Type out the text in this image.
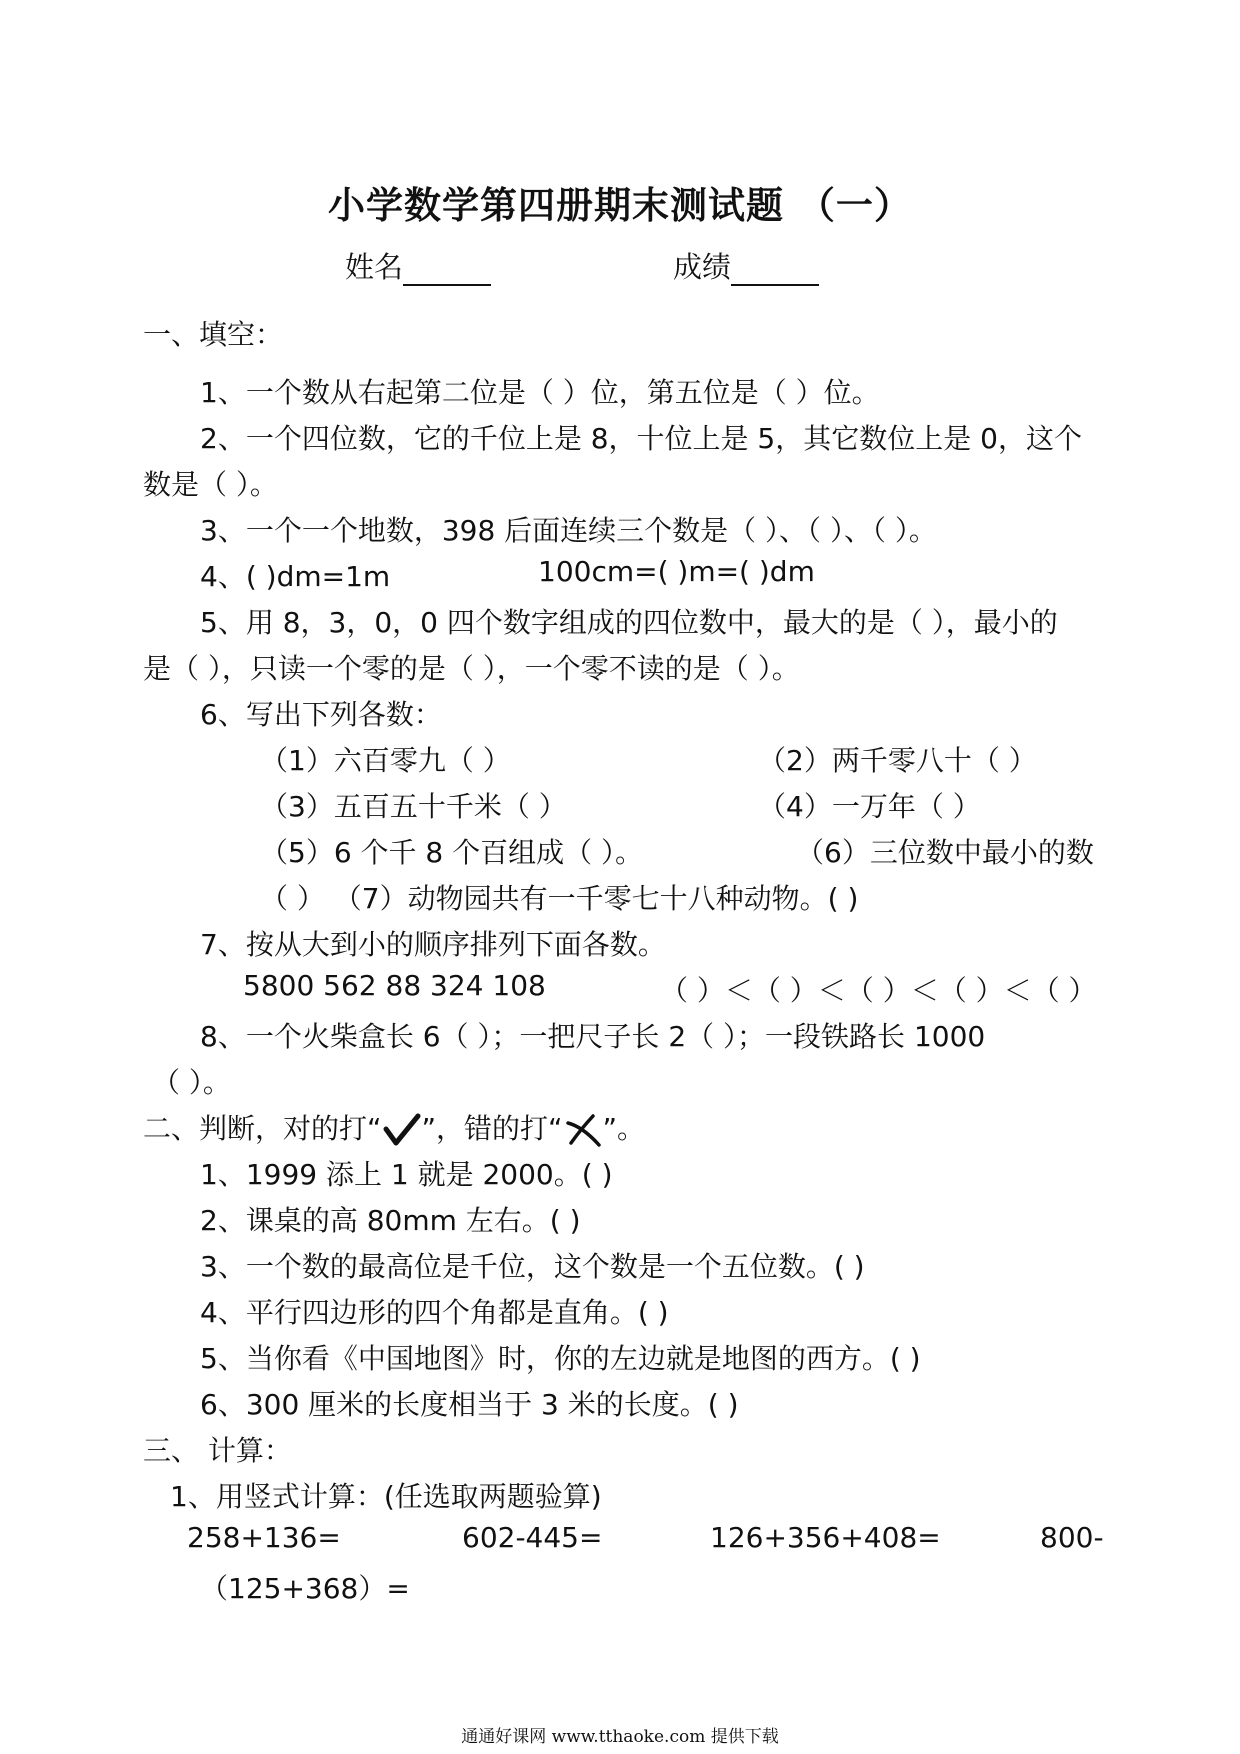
小学数学第四册期末测试题 （一）
姓名	成绩
一、填空：
1、一个数从右起第二位是（ ）位，第五位是（ ）位。
2、一个四位数，它的千位上是 8，十位上是 5，其它数位上是 0，这个
数是（ ）。
3、一个一个地数，398 后面连续三个数是（ ）、（ ）、（ ）。
4、( )dm=1m	100cm=( )m=( )dm
5、用 8，3，0，0 四个数字组成的四位数中，最大的是（ ），最小的
是（ ），只读一个零的是（ ），一个零不读的是（ ）。
6、写出下列各数：
（1）六百零九（ ）	（2）两千零八十（ ）
（3）五百五十千米（ ）	（4）一万年（ ）
（5）6 个千 8 个百组成（ ）。	（6）三位数中最小的数
（ ） （7）动物园共有一千零七十八种动物。( )
7、按从大到小的顺序排列下面各数。
5800 562 88 324 108	（ ）＜（ ）＜（ ）＜（ ）＜（ ）
8、一个火柴盒长 6（ ）；一把尺子长 2（ ）；一段铁路长 1000
（ ）。
二、判断，对的打“ ”，错的打“ ”。
1、1999 添上 1 就是 2000。( )
2、课桌的高 80mm 左右。( )
3、一个数的最高位是千位，这个数是一个五位数。( )
4、平行四边形的四个角都是直角。( )
5、当你看《中国地图》时，你的左边就是地图的西方。( )
6、300 厘米的长度相当于 3 米的长度。( )
三、 计算：
1、用竖式计算：(任选取两题验算)
258+136=	602-445=	126+356+408=	800-
（125+368）=
通通好课网 www.tthaoke.com 提供下载
